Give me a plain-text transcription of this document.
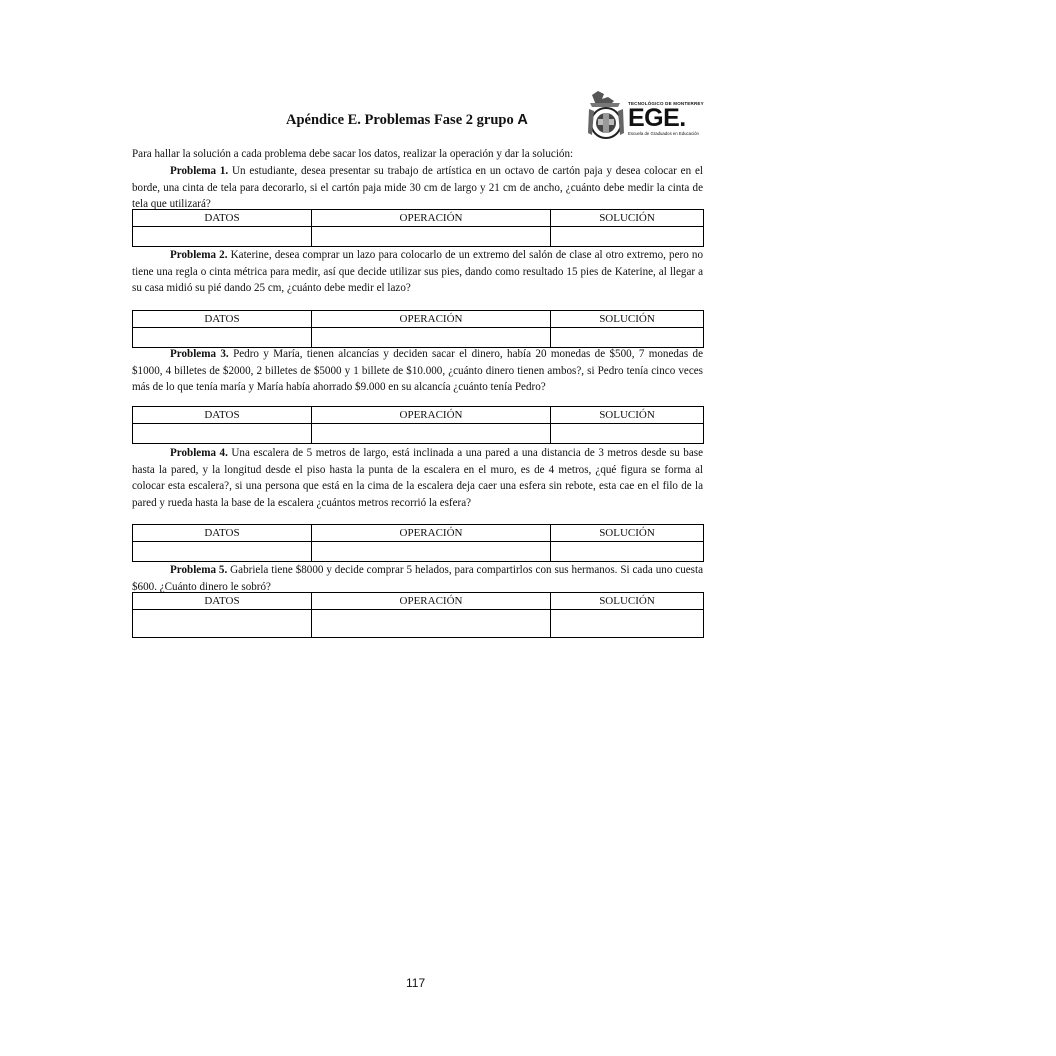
Apéndice E. Problemas Fase 2 grupo A
TECNOLÓGICO DE MONTERREY
EGE.
Escuela de Graduados en Educación
Para hallar la solución a cada problema debe sacar los datos, realizar la operación y dar la solución:
Problema 1. Un estudiante, desea presentar su trabajo de artística en un octavo de cartón paja y desea colocar en el borde, una cinta de tela para decorarlo, si el cartón paja mide 30 cm de largo y 21 cm de ancho, ¿cuánto debe medir la cinta de tela que utilizará?
DATOS	OPERACIÓN	SOLUCIÓN

Problema 2. Katerine, desea comprar un lazo para colocarlo de un extremo del salón de clase al otro extremo, pero no tiene una regla o cinta métrica para medir, así que decide utilizar sus pies, dando como resultado 15 pies de Katerine, al llegar a su casa midió su pié dando 25 cm, ¿cuánto debe medir el lazo?
DATOS	OPERACIÓN	SOLUCIÓN

Problema 3. Pedro y María, tienen alcancías y deciden sacar el dinero, había 20 monedas de $500, 7 monedas de $1000, 4 billetes de $2000, 2 billetes de $5000 y 1 billete de $10.000, ¿cuánto dinero tienen ambos?, si Pedro tenía cinco veces más de lo que tenía maría y María había ahorrado $9.000 en su alcancía ¿cuánto tenía Pedro?
DATOS	OPERACIÓN	SOLUCIÓN

Problema 4. Una escalera de 5 metros de largo, está inclinada a una pared a una distancia de 3 metros desde su base hasta la pared, y la longitud desde el piso hasta la punta de la escalera en el muro, es de 4 metros, ¿qué figura se forma al colocar esta escalera?, si una persona que está en la cima de la escalera deja caer una esfera sin rebote, esta cae en el filo de la pared y rueda hasta la base de la escalera ¿cuántos metros recorrió la esfera?
DATOS	OPERACIÓN	SOLUCIÓN

Problema 5. Gabriela tiene $8000 y decide comprar 5 helados, para compartirlos con sus hermanos. Si cada uno cuesta $600. ¿Cuánto dinero le sobró?
DATOS	OPERACIÓN	SOLUCIÓN

117
